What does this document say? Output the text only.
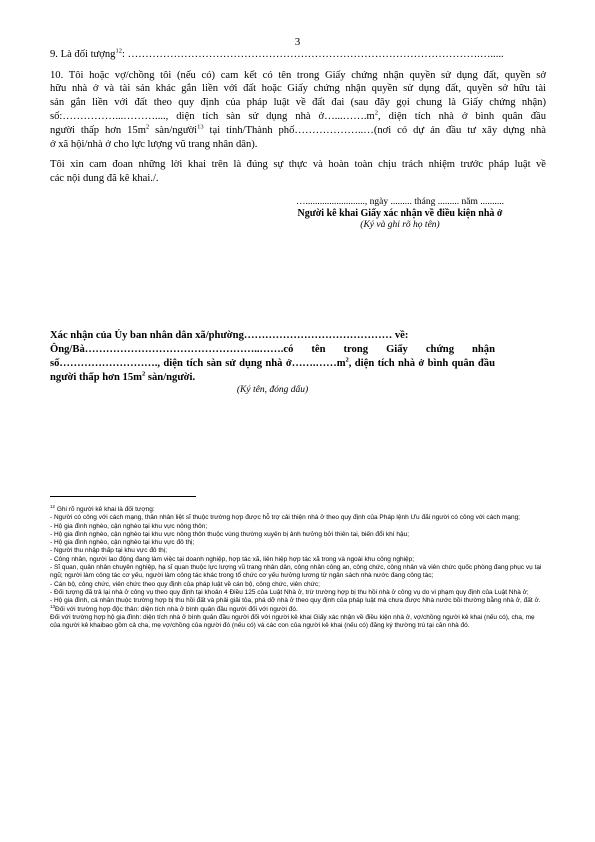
3
9. Là đối tượng$^{12}$: ……………………………………………………………………………………….….....
10. Tôi hoặc vợ/chồng tôi (nếu có) cam kết có tên trong Giấy chứng nhận quyền sử dụng đất, quyền sở
hữu nhà ở và tài sản khác gắn liền với đất hoặc Giấy chứng nhận quyền sử dụng đất, quyền sở hữu tài
sản gắn liền với đất theo quy định của pháp luật về đất đai (sau đây gọi chung là Giấy chứng nhận)
số:……………...………...., diện tích sàn sử dụng nhà $ở\dots...\dots\dots.m^2$, diện tích nhà ở bình quân đầu
người thấp hơn $15m^2$ sàn/người$^{13}$ tại tỉnh/Thành phố………………..…(nơi có dự án đầu tư xây dựng nhà
ở xã hội/nhà ở cho lực lượng vũ trang nhân dân).
Tôi xin cam đoan những lời khai trên là đúng sự thực và hoàn toàn chịu trách nhiệm trước pháp luật về
các nội dung đã kê khai./.
…........................., ngày ......... tháng ......... năm ..........
Người kê khai Giấy xác nhận về điều kiện nhà ở
(Ký và ghi rõ họ tên)
Xác nhận của Ủy ban nhân dân xã/phường…………………………………… về:
Ông/Bà…………………………………………..…….có tên trong Giấy chứng nhận
số………………………., diện tích sàn sử dụng nhà $ở\dots\dots.\dots\dots m^2$, diện tích nhà ở bình quân đầu
người thấp hơn $15m^2$ sàn/người.
(Ký tên, đóng dấu)
$^{12}$ Ghi rõ người kê khai là đối tượng:
- Người có công với cách mạng, thân nhân liệt sĩ thuộc trường hợp được hỗ trợ cải thiện nhà ở theo quy định của Pháp lệnh Ưu đãi người có công với cách mạng;
- Hộ gia đình nghèo, cận nghèo tại khu vực nông thôn;
- Hộ gia đình nghèo, cận nghèo tại khu vực nông thôn thuộc vùng thường xuyên bị ảnh hưởng bởi thiên tai, biến đổi khí hậu;
- Hộ gia đình nghèo, cận nghèo tại khu vực đô thị;
- Người thu nhập thấp tại khu vực đô thị;
- Công nhân, người lao động đang làm việc tại doanh nghiệp, hợp tác xã, liên hiệp hợp tác xã trong và ngoài khu công nghiệp;
- Sĩ quan, quân nhân chuyên nghiệp, hạ sĩ quan thuộc lực lượng vũ trang nhân dân, công nhân công an, công chức, công nhân và viên chức quốc phòng đang phục vụ tại ngũ; người làm công tác cơ yếu, người làm công tác khác trong tổ chức cơ yếu hưởng lương từ ngân sách nhà nước đang công tác;
- Cán bộ, công chức, viên chức theo quy định của pháp luật về cán bộ, công chức, viên chức;
- Đối tượng đã trả lại nhà ở công vụ theo quy định tại khoản 4 Điều 125 của Luật Nhà ở, trừ trường hợp bị thu hồi nhà ở công vụ do vi phạm quy định của Luật Nhà ở;
- Hộ gia đình, cá nhân thuộc trường hợp bị thu hồi đất và phải giải tỏa, phá dỡ nhà ở theo quy định của pháp luật mà chưa được Nhà nước bồi thường bằng nhà ở, đất ở.
$^{13}$Đối với trường hợp độc thân: diện tích nhà ở bình quân đầu người đối với người đó.
Đối với trường hợp hộ gia đình: diện tích nhà ở bình quân đầu người đối với người kê khai Giấy xác nhận về điều kiện nhà ở, vợ/chồng người kê khai (nếu có), cha, mẹ của người kê khaibao gồm cả cha, mẹ vợ/chồng của người đó (nếu có) và các con của người kê khai (nếu có) đăng ký thường trú tại căn nhà đó.
